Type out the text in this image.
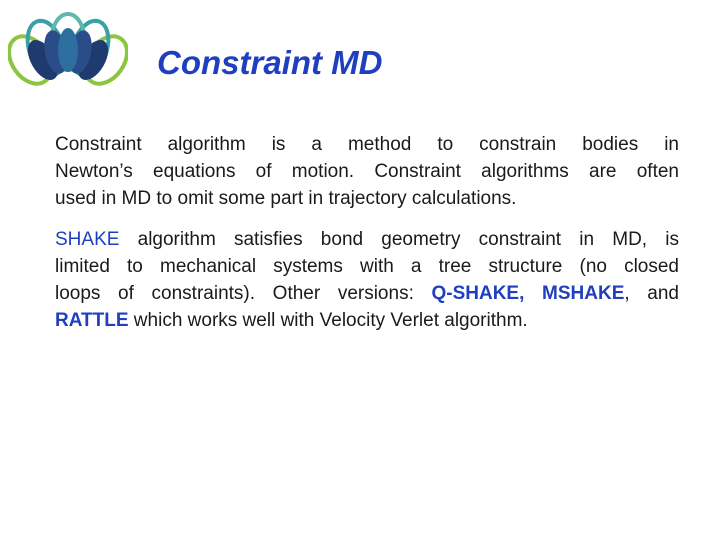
Constraint MD

Constraint algorithm is a method to constrain bodies in
Newton’s equations of motion. Constraint algorithms are often
used in MD to omit some part in trajectory calculations.

SHAKE algorithm satisfies bond geometry constraint in MD, is
limited to mechanical systems with a tree structure (no closed
loops of constraints). Other versions: Q-SHAKE, MSHAKE, and
RATTLE which works well with Velocity Verlet algorithm.
